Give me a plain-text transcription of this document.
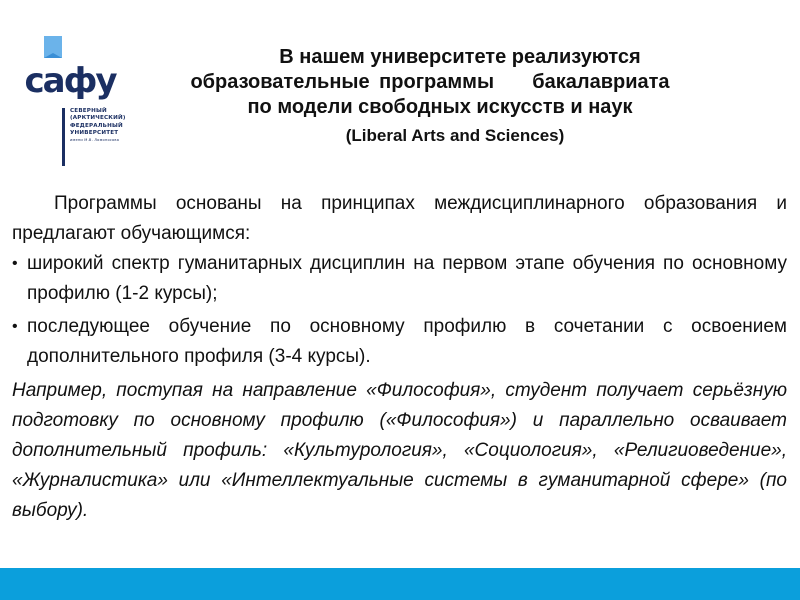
сафу
СЕВЕРНЫЙ
(АРКТИЧЕСКИЙ)
ФЕДЕРАЛЬНЫЙ
УНИВЕРСИТЕТ
имени М.В. Ломоносова
В нашем университете реализуются
образовательные программы    бакалавриата
по модели свободных искусств и наук
(Liberal Arts and Sciences)

Программы основаны на принципах междисциплинарного образования и предлагают обучающимся:

• широкий спектр гуманитарных дисциплин на первом этапе обучения по основному профилю (1-2 курсы);
• последующее обучение по основному профилю в сочетании с освоением дополнительного профиля (3-4 курсы).

Например, поступая на направление «Философия», студент получает серьёзную подготовку по основному профилю («Философия») и параллельно осваивает дополнительный профиль: «Культурология», «Социология», «Религиоведение», «Журналистика» или «Интеллектуальные системы в гуманитарной сфере» (по выбору).
